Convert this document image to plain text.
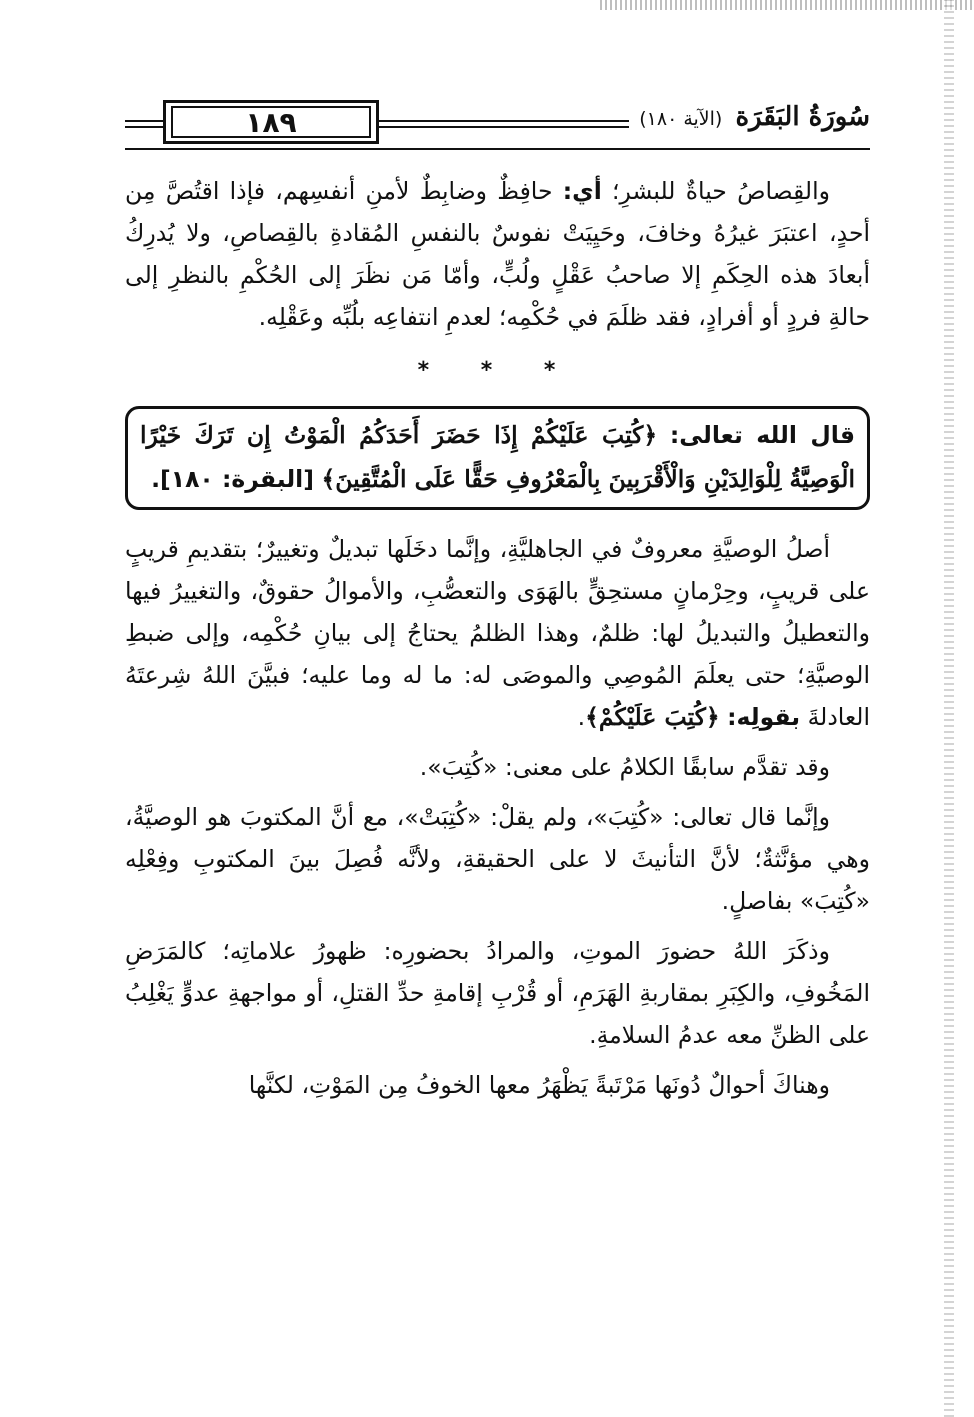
١٨٩	سُورَةُ البَقَرَة (الآية ١٨٠)

والقِصاصُ حياةٌ للبشرِ؛ أي: حافِظٌ وضابِطٌ لأمنِ أنفسِهم، فإذا اقتُصَّ مِن أحدٍ، اعتبَرَ غيرُهُ وخافَ، وحَيِيَتْ نفوسٌ بالنفسِ المُقادةِ بالقِصاصِ، ولا يُدرِكُ أبعادَ هذه الحِكَمِ إلا صاحبُ عَقْلٍ ولُبٍّ، وأمّا مَن نظَرَ إلى الحُكْمِ بالنظرِ إلى حالةِ فردٍ أو أفرادٍ، فقد ظلَمَ في حُكْمِه؛ لعدمِ انتفاعِه بلُبِّه وعَقْلِه.

* * *
قال الله تعالى: ﴿كُتِبَ عَلَيْكُمْ إِذَا حَضَرَ أَحَدَكُمُ الْمَوْتُ إِن تَرَكَ خَيْرًا الْوَصِيَّةُ لِلْوَالِدَيْنِ وَالْأَقْرَبِينَ بِالْمَعْرُوفِ حَقًّا عَلَى الْمُتَّقِينَ﴾ [البقرة: ١٨٠].

أصلُ الوصيَّةِ معروفٌ في الجاهليَّةِ، وإنَّما دخَلَها تبديلٌ وتغييرٌ؛ بتقديمِ قريبٍ على قريبٍ، وحِرْمانٍ مستحِقٍّ بالهَوَى والتعصُّبِ، والأموالُ حقوقٌ، والتغييرُ فيها والتعطيلُ والتبديلُ لها: ظلمٌ، وهذا الظلمُ يحتاجُ إلى بيانِ حُكْمِه، وإلى ضبطِ الوصيَّةِ؛ حتى يعلَمَ المُوصِي والموصَى له: ما له وما عليه؛ فبيَّنَ اللهُ شِرعتَهُ العادلةَ بقولِه: ﴿كُتِبَ عَلَيْكُمْ﴾.

وقد تقدَّم سابقًا الكلامُ على معنى: «كُتِبَ».

وإنَّما قال تعالى: «كُتِبَ»، ولم يقلْ: «كُتِبَتْ»، مع أنَّ المكتوبَ هو الوصيَّةُ، وهي مؤنَّثةٌ؛ لأنَّ التأنيثَ لا على الحقيقةِ، ولأنَّه فُصِلَ بينَ المكتوبِ وفِعْلِه «كُتِبَ» بفاصلٍ.

وذكَرَ اللهُ حضورَ الموتِ، والمرادُ بحضورِه: ظهورُ علاماتِه؛ كالمَرَضِ المَخُوفِ، والكِبَرِ بمقاربةِ الهَرَمِ، أو قُرْبِ إقامةِ حدِّ القتلِ، أو مواجهةِ عدوٍّ يَغْلِبُ على الظنِّ معه عدمُ السلامةِ.

وهناكَ أحوالٌ دُونَها مَرْتَبةً يَظْهَرُ معها الخوفُ مِن المَوْتِ، لكنَّها
